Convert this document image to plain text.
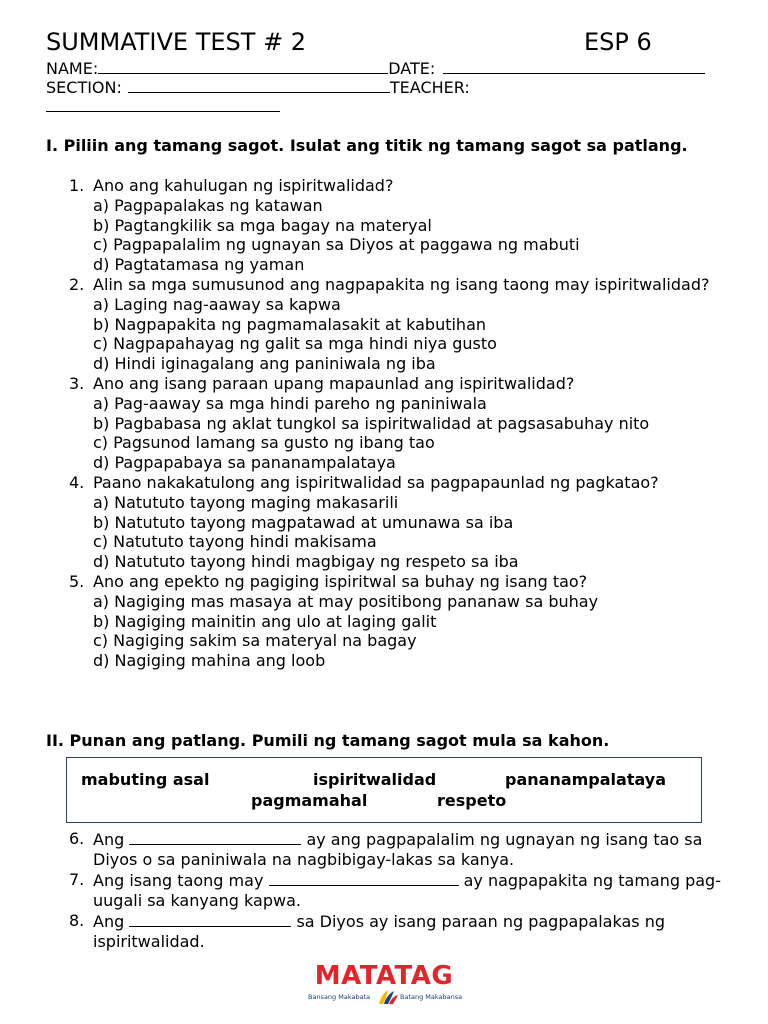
SUMMATIVE TEST # 2	ESP 6
NAME:	DATE:
SECTION:	TEACHER:
I. Piliin ang tamang sagot. Isulat ang titik ng tamang sagot sa patlang.
1. Ano ang kahulugan ng ispiritwalidad?
a) Pagpapalakas ng katawan
b) Pagtangkilik sa mga bagay na materyal
c) Pagpapalalim ng ugnayan sa Diyos at paggawa ng mabuti
d) Pagtatamasa ng yaman
2. Alin sa mga sumusunod ang nagpapakita ng isang taong may ispiritwalidad?
a) Laging nag-aaway sa kapwa
b) Nagpapakita ng pagmamalasakit at kabutihan
c) Nagpapahayag ng galit sa mga hindi niya gusto
d) Hindi iginagalang ang paniniwala ng iba
3. Ano ang isang paraan upang mapaunlad ang ispiritwalidad?
a) Pag-aaway sa mga hindi pareho ng paniniwala
b) Pagbabasa ng aklat tungkol sa ispiritwalidad at pagsasabuhay nito
c) Pagsunod lamang sa gusto ng ibang tao
d) Pagpapabaya sa pananampalataya
4. Paano nakakatulong ang ispiritwalidad sa pagpapaunlad ng pagkatao?
a) Natututo tayong maging makasarili
b) Natututo tayong magpatawad at umunawa sa iba
c) Natututo tayong hindi makisama
d) Natututo tayong hindi magbigay ng respeto sa iba
5. Ano ang epekto ng pagiging ispiritwal sa buhay ng isang tao?
a) Nagiging mas masaya at may positibong pananaw sa buhay
b) Nagiging mainitin ang ulo at laging galit
c) Nagiging sakim sa materyal na bagay
d) Nagiging mahina ang loob
II. Punan ang patlang. Pumili ng tamang sagot mula sa kahon.
mabuting asal	ispiritwalidad	pananampalataya
pagmamahal	respeto
6. Ang	ay ang pagpapalalim ng ugnayan ng isang tao sa Diyos o sa paniniwala na nagbibigay-lakas sa kanya.
7. Ang isang taong may	ay nagpapakita ng tamang pag-uugali sa kanyang kapwa.
8. Ang	sa Diyos ay isang paraan ng pagpapalakas ng ispiritwalidad.
MATATAG
Bansang Makabata	Batang Makabansa
